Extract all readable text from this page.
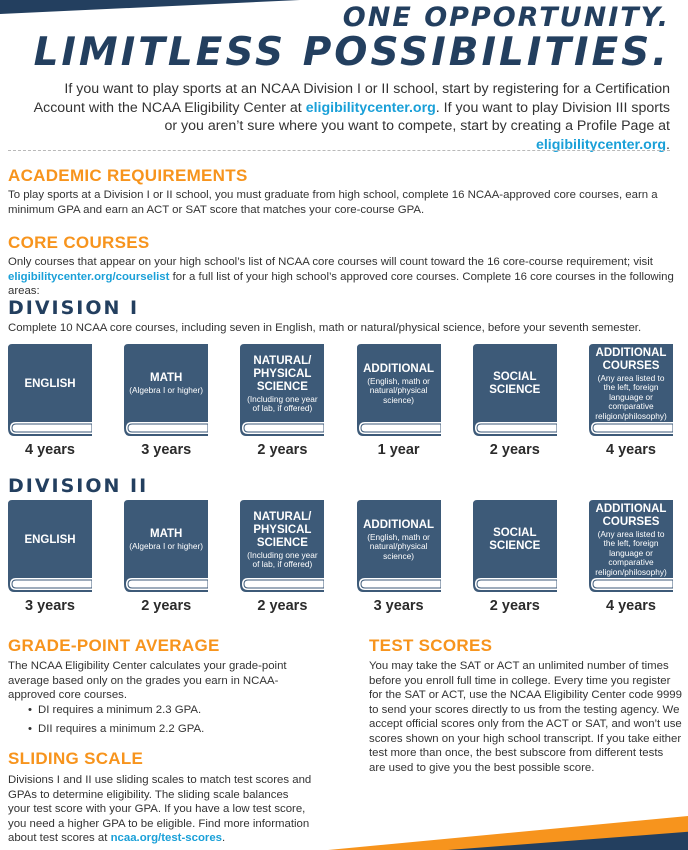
ONE OPPORTUNITY.
LIMITLESS POSSIBILITIES.

If you want to play sports at an NCAA Division I or II school, start by registering for a Certification Account with the NCAA Eligibility Center at eligibilitycenter.org. If you want to play Division III sports or you aren’t sure where you want to compete, start by creating a Profile Page at eligibilitycenter.org.

ACADEMIC REQUIREMENTS

To play sports at a Division I or II school, you must graduate from high school, complete 16 NCAA-approved core courses, earn a minimum GPA and earn an ACT or SAT score that matches your core-course GPA.

CORE COURSES

Only courses that appear on your high school’s list of NCAA core courses will count toward the 16 core-course requirement; visit eligibilitycenter.org/courselist for a full list of your high school’s approved core courses. Complete 16 core courses in the following areas:

DIVISION I

Complete 10 NCAA core courses, including seven in English, math or natural/physical science, before your seventh semester.

ENGLISH
4 years
MATH
(Algebra I or higher)
3 years
NATURAL/ PHYSICAL SCIENCE
(Including one year of lab, if offered)
2 years
ADDITIONAL
(English, math or natural/physical science)
1 year
SOCIAL SCIENCE
2 years
ADDITIONAL COURSES
(Any area listed to the left, foreign language or comparative religion/philosophy)
4 years
DIVISION II
ENGLISH
3 years
MATH
(Algebra I or higher)
2 years
NATURAL/ PHYSICAL SCIENCE
(Including one year of lab, if offered)
2 years
ADDITIONAL
(English, math or natural/physical science)
3 years
SOCIAL SCIENCE
2 years
ADDITIONAL COURSES
(Any area listed to the left, foreign language or comparative religion/philosophy)
4 years
GRADE-POINT AVERAGE

The NCAA Eligibility Center calculates your grade-point average based only on the grades you earn in NCAA-approved core courses.

• DI requires a minimum 2.3 GPA.
• DII requires a minimum 2.2 GPA.
SLIDING SCALE

Divisions I and II use sliding scales to match test scores and GPAs to determine eligibility. The sliding scale balances your test score with your GPA. If you have a low test score, you need a higher GPA to be eligible. Find more information about test scores at ncaa.org/test-scores.

TEST SCORES

You may take the SAT or ACT an unlimited number of times before you enroll full time in college. Every time you register for the SAT or ACT, use the NCAA Eligibility Center code 9999 to send your scores directly to us from the testing agency. We accept official scores only from the ACT or SAT, and won’t use scores shown on your high school transcript. If you take either test more than once, the best subscore from different tests are used to give you the best possible score.
